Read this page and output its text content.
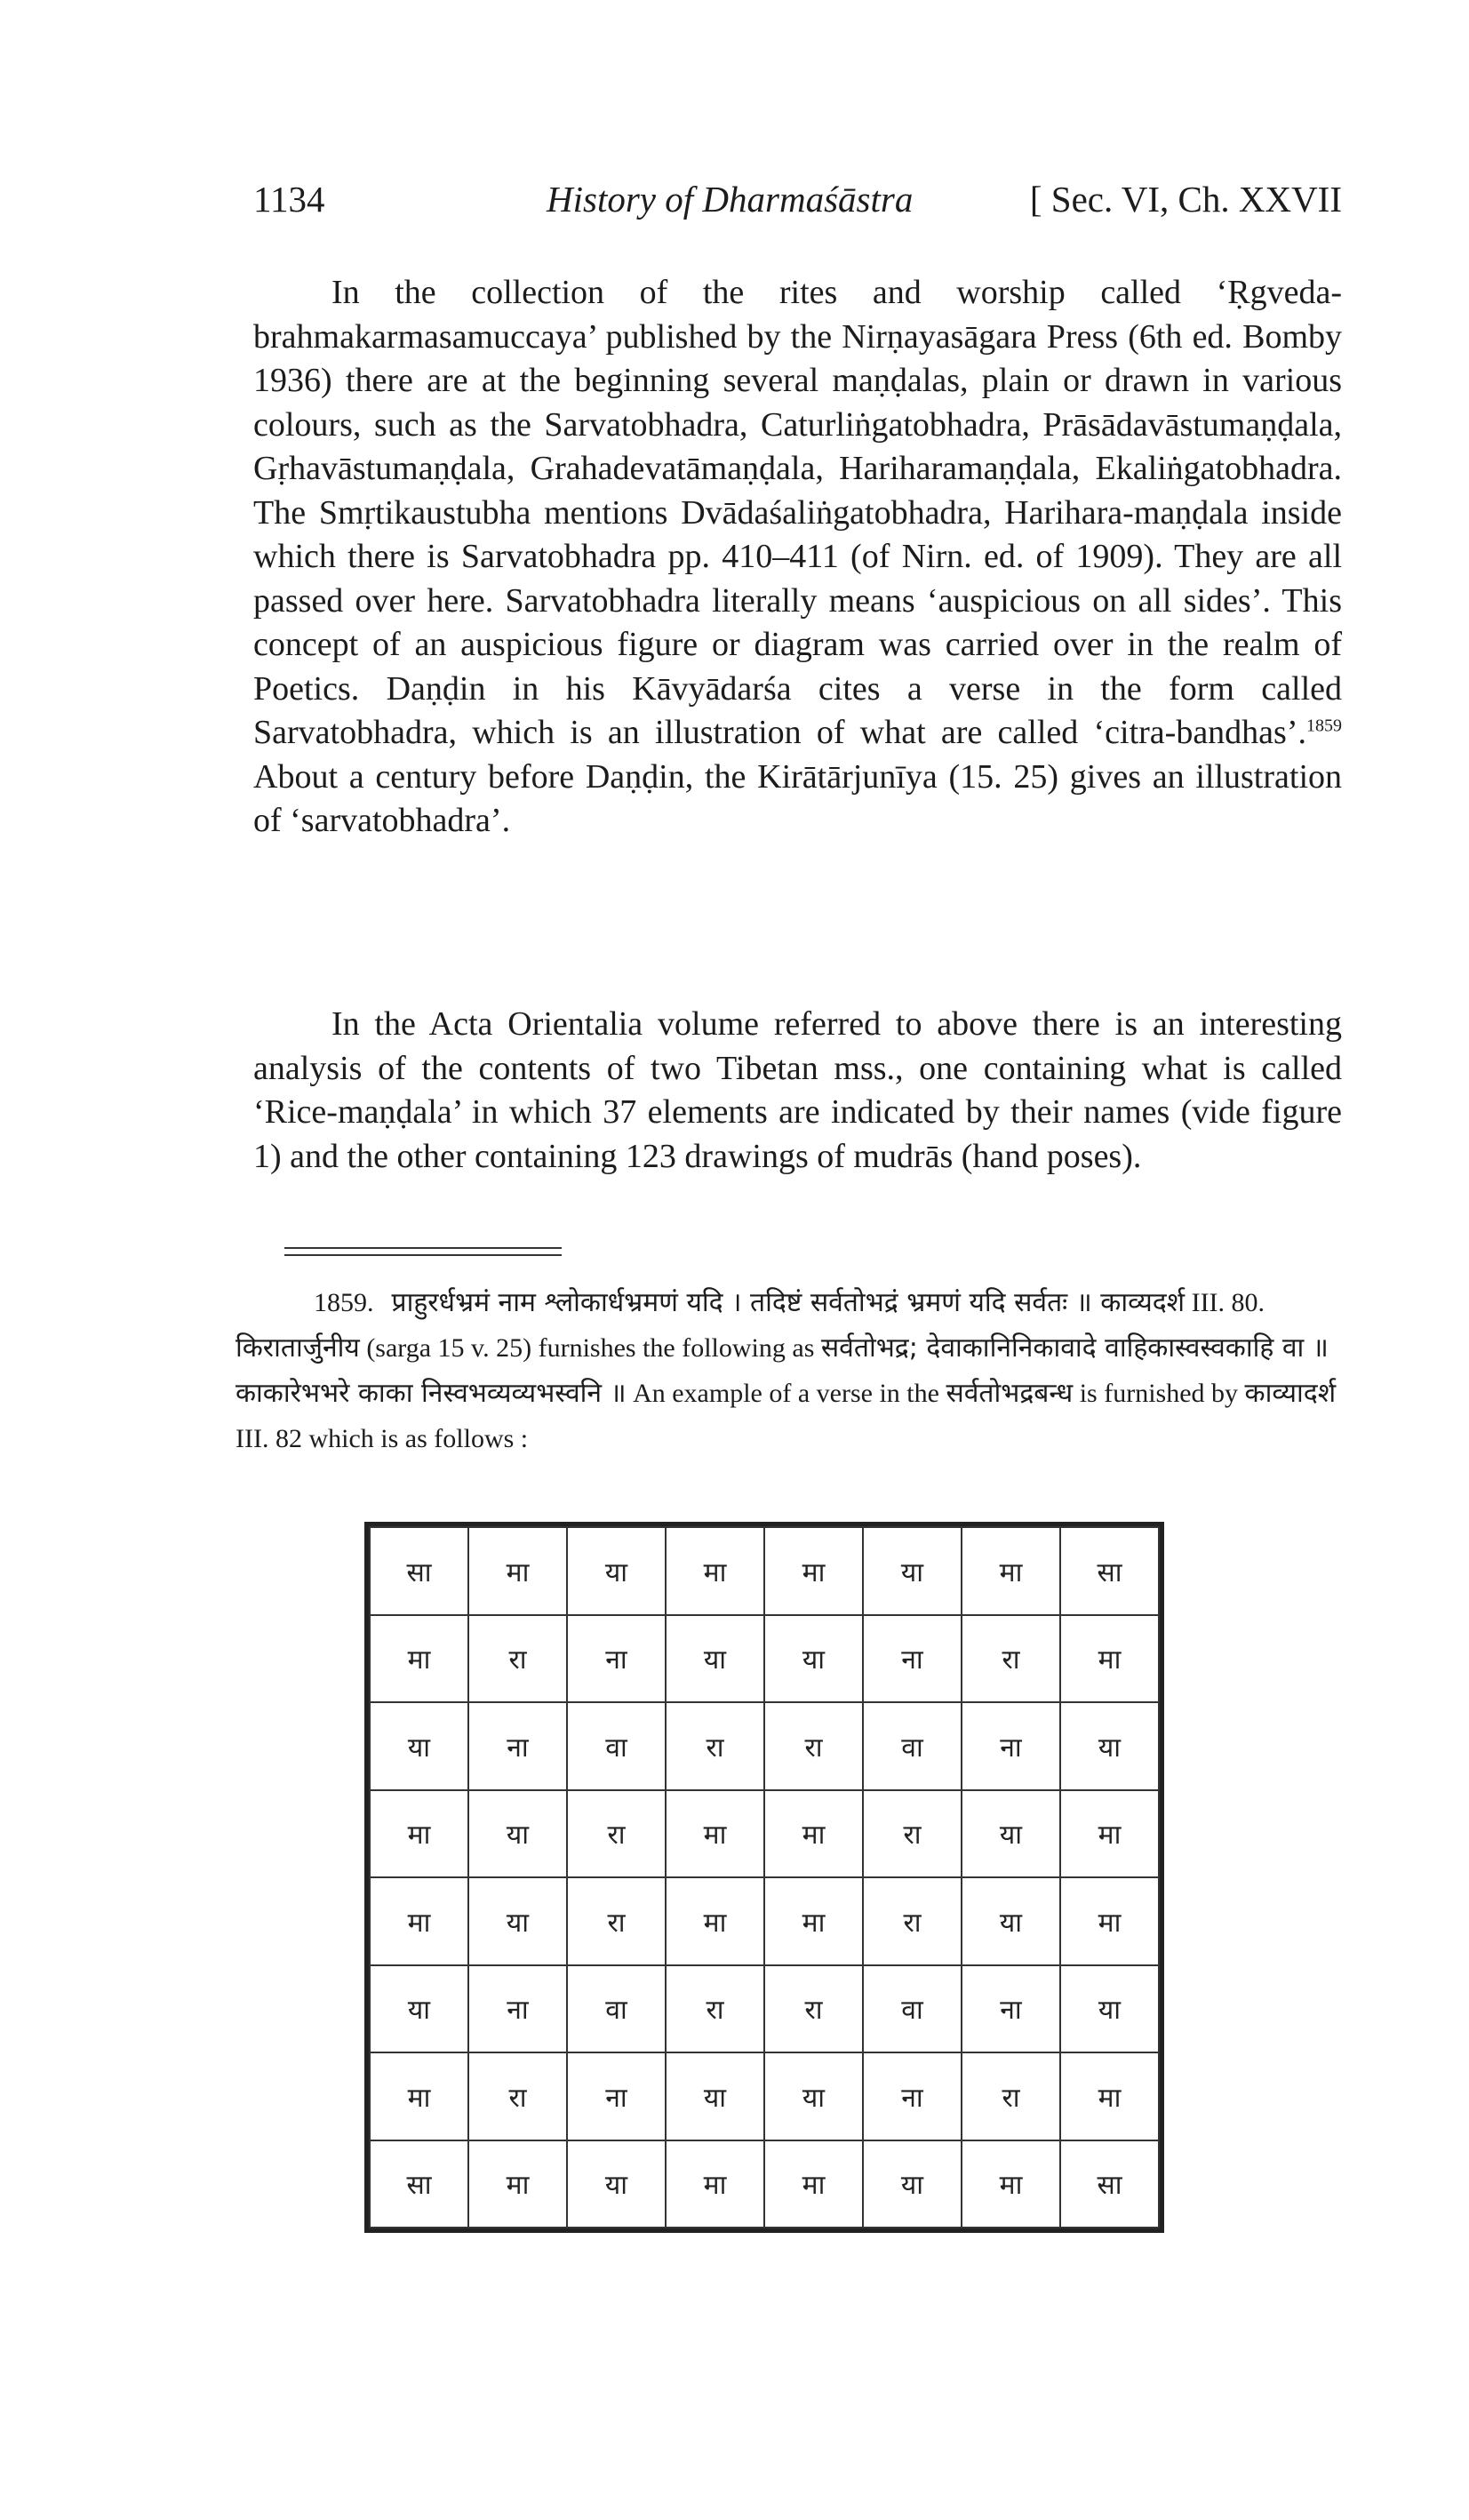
1134	History of Dharmaśāstra	[ Sec. VI, Ch. XXVII
In the collection of the rites and worship called ‘Ṛgveda-brahmakarmasamuccaya’ published by the Nirṇayasāgara Press (6th ed. Bomby 1936) there are at the beginning several maṇḍalas, plain or drawn in various colours, such as the Sarvatobhadra, Caturliṅgatobhadra, Prāsādavāstumaṇḍala, Gṛhavāstumaṇḍala, Grahadevatāmaṇḍala, Hariharamaṇḍala, Ekaliṅgatobhadra. The Smṛtikaustubha mentions Dvādaśaliṅgatobhadra, Harihara-maṇḍala inside which there is Sarvatobhadra pp. 410–411 (of Nirn. ed. of 1909). They are all passed over here. Sarvatobhadra literally means ‘auspicious on all sides’. This concept of an auspicious figure or diagram was carried over in the realm of Poetics. Daṇḍin in his Kāvyādarśa cites a verse in the form called Sarvatobhadra, which is an illustration of what are called ‘citra-bandhas’.$^{1859}$ About a century before Daṇḍin, the Kirātārjunīya (15. 25) gives an illustration of ‘sarvatobhadra’.
In the Acta Orientalia volume referred to above there is an interesting analysis of the contents of two Tibetan mss., one containing what is called ‘Rice-maṇḍala’ in which 37 elements are indicated by their names (vide figure 1) and the other containing 123 drawings of mudrās (hand poses).
1859. प्राहुरर्धभ्रमं नाम श्लोकार्धभ्रमणं यदि । तदिष्टं सर्वतोभद्रं भ्रमणं यदि सर्वतः ॥ काव्यदर्श III. 80. किरातार्जुनीय (sarga 15 v. 25) furnishes the following as सर्वतोभद्र; देवाकानिनिकावादे वाहिकास्वस्वकाहि वा ॥ काकारेभभरे काका निस्वभव्यव्यभस्वनि ॥ An example of a verse in the सर्वतोभद्रबन्ध is furnished by काव्यादर्श III. 82 which is as follows :
सा	मा	या	मा	मा	या	मा	सा
मा	रा	ना	या	या	ना	रा	मा
या	ना	वा	रा	रा	वा	ना	या
मा	या	रा	मा	मा	रा	या	मा
मा	या	रा	मा	मा	रा	या	मा
या	ना	वा	रा	रा	वा	ना	या
मा	रा	ना	या	या	ना	रा	मा
सा	मा	या	मा	मा	या	मा	सा
